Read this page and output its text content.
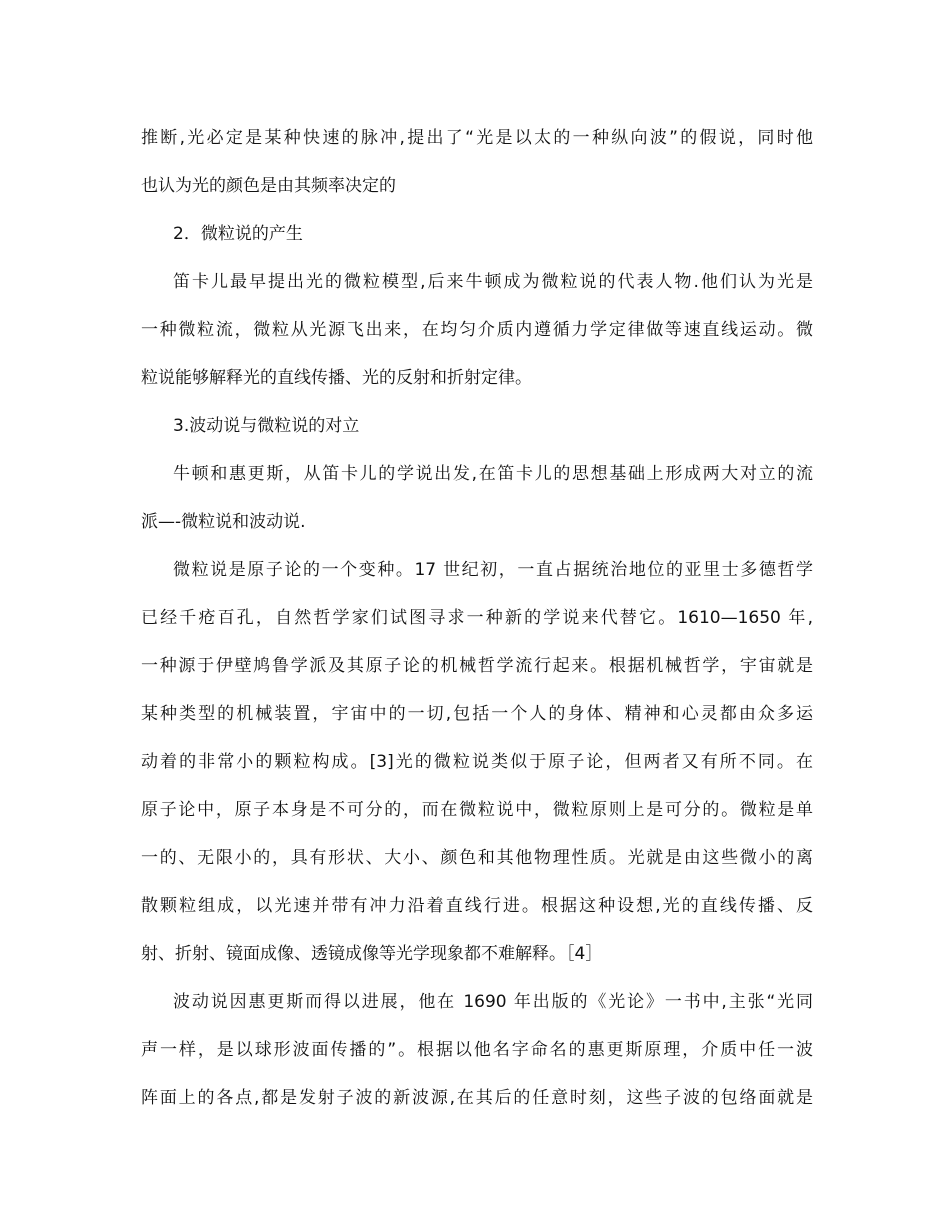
推断,光必定是某种快速的脉冲,提出了“光是以太的一种纵向波”的假说，同时他
也认为光的颜色是由其频率决定的
2．微粒说的产生
笛卡儿最早提出光的微粒模型,后来牛顿成为微粒说的代表人物.他们认为光是
一种微粒流，微粒从光源飞出来，在均匀介质内遵循力学定律做等速直线运动。微
粒说能够解释光的直线传播、光的反射和折射定律。
3.波动说与微粒说的对立
牛顿和惠更斯，从笛卡儿的学说出发,在笛卡儿的思想基础上形成两大对立的流
派—-微粒说和波动说.
微粒说是原子论的一个变种。17 世纪初，一直占据统治地位的亚里士多德哲学
已经千疮百孔，自然哲学家们试图寻求一种新的学说来代替它。1610—1650 年,
一种源于伊壁鸠鲁学派及其原子论的机械哲学流行起来。根据机械哲学，宇宙就是
某种类型的机械装置，宇宙中的一切,包括一个人的身体、精神和心灵都由众多运
动着的非常小的颗粒构成。[3]光的微粒说类似于原子论，但两者又有所不同。在
原子论中，原子本身是不可分的，而在微粒说中，微粒原则上是可分的。微粒是单
一的、无限小的，具有形状、大小、颜色和其他物理性质。光就是由这些微小的离
散颗粒组成，以光速并带有冲力沿着直线行进。根据这种设想,光的直线传播、反
射、折射、镜面成像、透镜成像等光学现象都不难解释。［4］
波动说因惠更斯而得以进展，他在 1690 年出版的《光论》一书中,主张“光同
声一样，是以球形波面传播的”。根据以他名字命名的惠更斯原理，介质中任一波
阵面上的各点,都是发射子波的新波源,在其后的任意时刻，这些子波的包络面就是
